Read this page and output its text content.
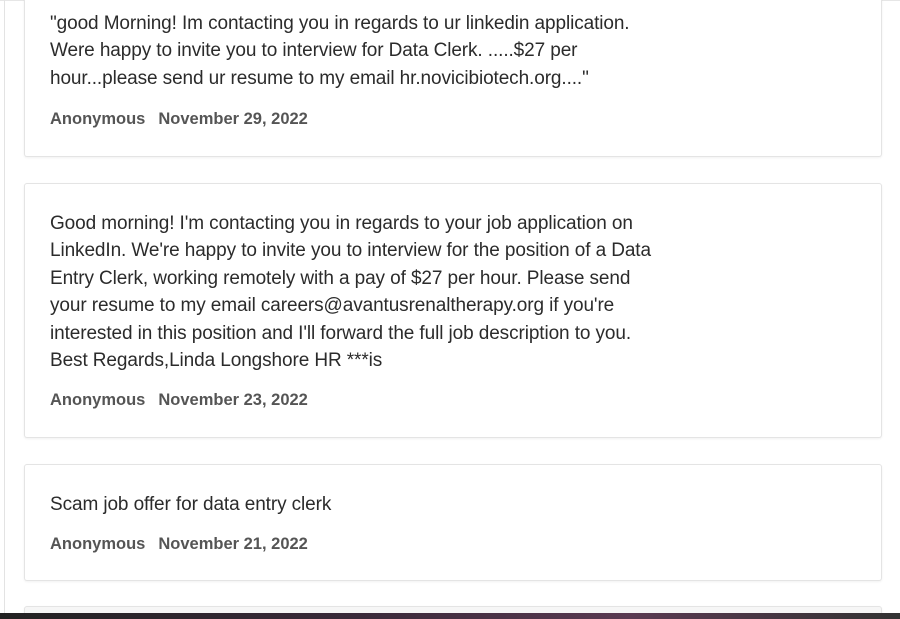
"good Morning! Im contacting you in regards to ur linkedin application. Were happy to invite you to interview for Data Clerk. .....$27 per hour...please send ur resume to my email hr.novicibiotech.org...."

Anonymous November 29, 2022

Good morning! I'm contacting you in regards to your job application on LinkedIn. We're happy to invite you to interview for the position of a Data Entry Clerk, working remotely with a pay of $27 per hour. Please send your resume to my email careers@avantusrenaltherapy.org if you're interested in this position and I'll forward the full job description to you. Best Regards,Linda Longshore HR ***is

Anonymous November 23, 2022

Scam job offer for data entry clerk

Anonymous November 21, 2022
